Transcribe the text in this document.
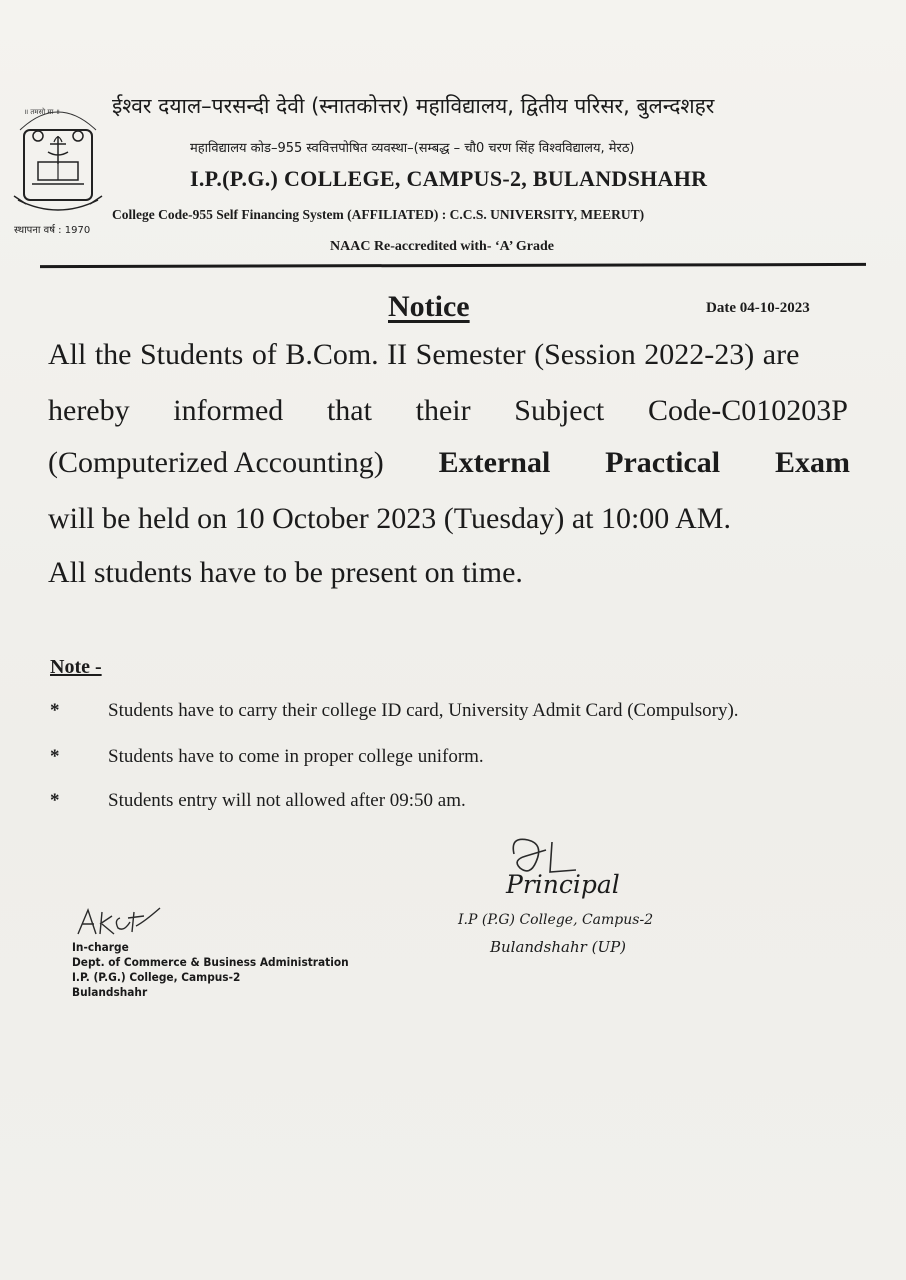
॥ तमसो मा ॥
स्थापना वर्ष : 1970
ईश्वर दयाल–परसन्दी देवी (स्नातकोत्तर) महाविद्यालय, द्वितीय परिसर, बुलन्दशहर
महाविद्यालय कोड–955 स्ववित्तपोषित व्यवस्था–(सम्बद्ध – चौ0 चरण सिंह विश्वविद्यालय, मेरठ)
I.P.(P.G.) COLLEGE, CAMPUS-2, BULANDSHAHR
College Code-955 Self Financing System (AFFILIATED) : C.C.S. UNIVERSITY, MEERUT)
NAAC Re-accredited with- ‘A’ Grade
Notice	Date 04-10-2023
All the Students of B.Com. II Semester (Session 2022-23) are
hereby informed that their Subject Code-C010203P
(Computerized Accounting) External Practical Exam
will be held on 10 October 2023 (Tuesday) at 10:00 AM.
All students have to be present on time.
Note -
*	Students have to carry their college ID card, University Admit Card (Compulsory).
*	Students have to come in proper college uniform.
*	Students entry will not allowed after 09:50 am.
Principal
I.P (P.G) College, Campus-2
Bulandshahr (UP)
In-charge
Dept. of Commerce & Business Administration
I.P. (P.G.) College, Campus-2
Bulandshahr
